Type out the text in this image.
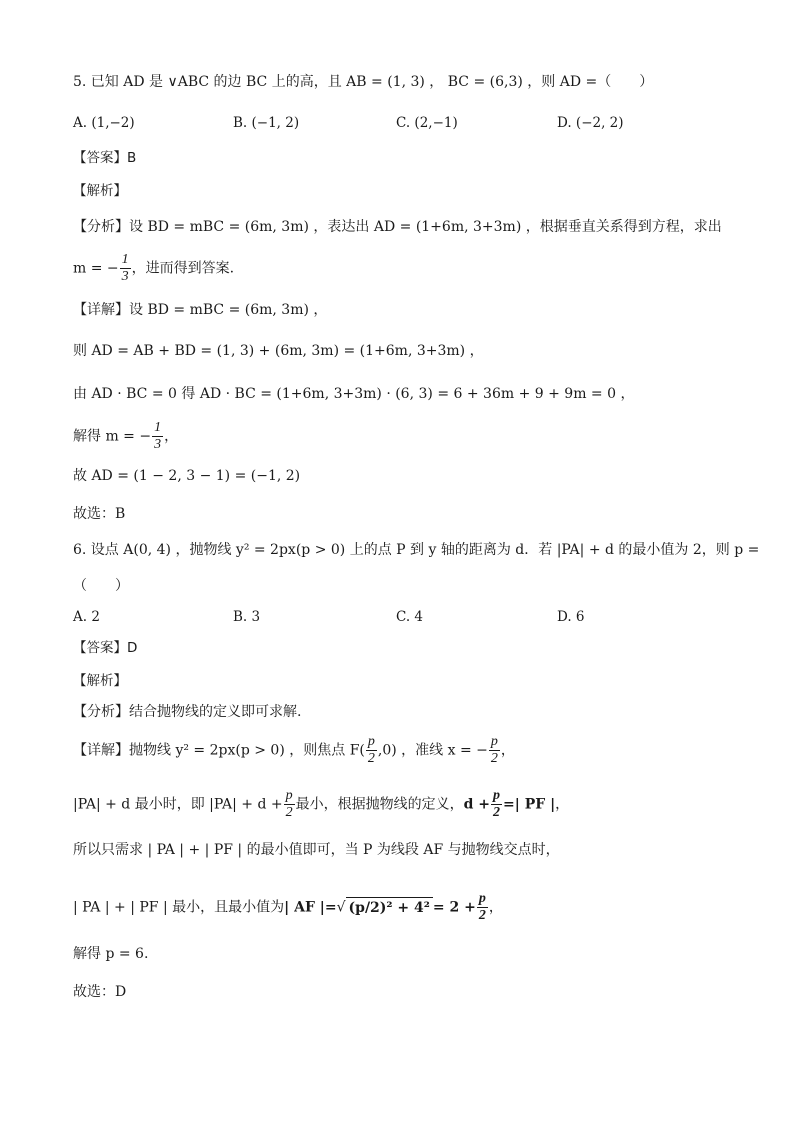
5. 已知 AD 是 ∨ABC 的边 BC 上的高，且 AB = (1, 3) ， BC = (6,3) ，则 AD =（　　）
A. (1,−2)	B. (−1, 2)	C. (2,−1)	D. (−2, 2)
【答案】B
【解析】
【分析】设 BD = mBC = (6m, 3m) ，表达出 AD = (1+6m, 3+3m) ，根据垂直关系得到方程，求出
m = − $\frac{1}{3}$ ，进而得到答案.
【详解】设 BD = mBC = (6m, 3m) ，
则 AD = AB + BD = (1, 3) + (6m, 3m) = (1+6m, 3+3m) ，
由 AD · BC = 0 得 AD · BC = (1+6m, 3+3m) · (6, 3) = 6 + 36m + 9 + 9m = 0 ，
解得 m = − $\frac{1}{3}$ ，
故 AD = (1 − 2, 3 − 1) = (−1, 2)
故选：B
6. 设点 A(0, 4) ，抛物线 y² = 2px(p > 0) 上的点 P 到 y 轴的距离为 d．若 |PA| + d 的最小值为 2，则 p =
（　　）
A. 2	B. 3	C. 4	D. 6
【答案】D
【解析】
【分析】结合抛物线的定义即可求解.
【详解】抛物线 y² = 2px(p > 0) ，则焦点 $F( \frac{p}{2} ,0)$ ，准线 x = − $\frac{p}{2}$ ，
|PA| + d 最小时，即 $|PA| + d + \frac{p}{2}$ 最小，根据抛物线的定义，$d + \frac{p}{2}$ =| PF |，
所以只需求 | PA | + | PF | 的最小值即可，当 P 为线段 AF 与抛物线交点时，
| PA | + | PF | 最小，且最小值为| AF |=√ $(p/2)^2 + 4^2 = 2 + \frac{p}{2}$ ，
解得 p = 6.
故选：D
